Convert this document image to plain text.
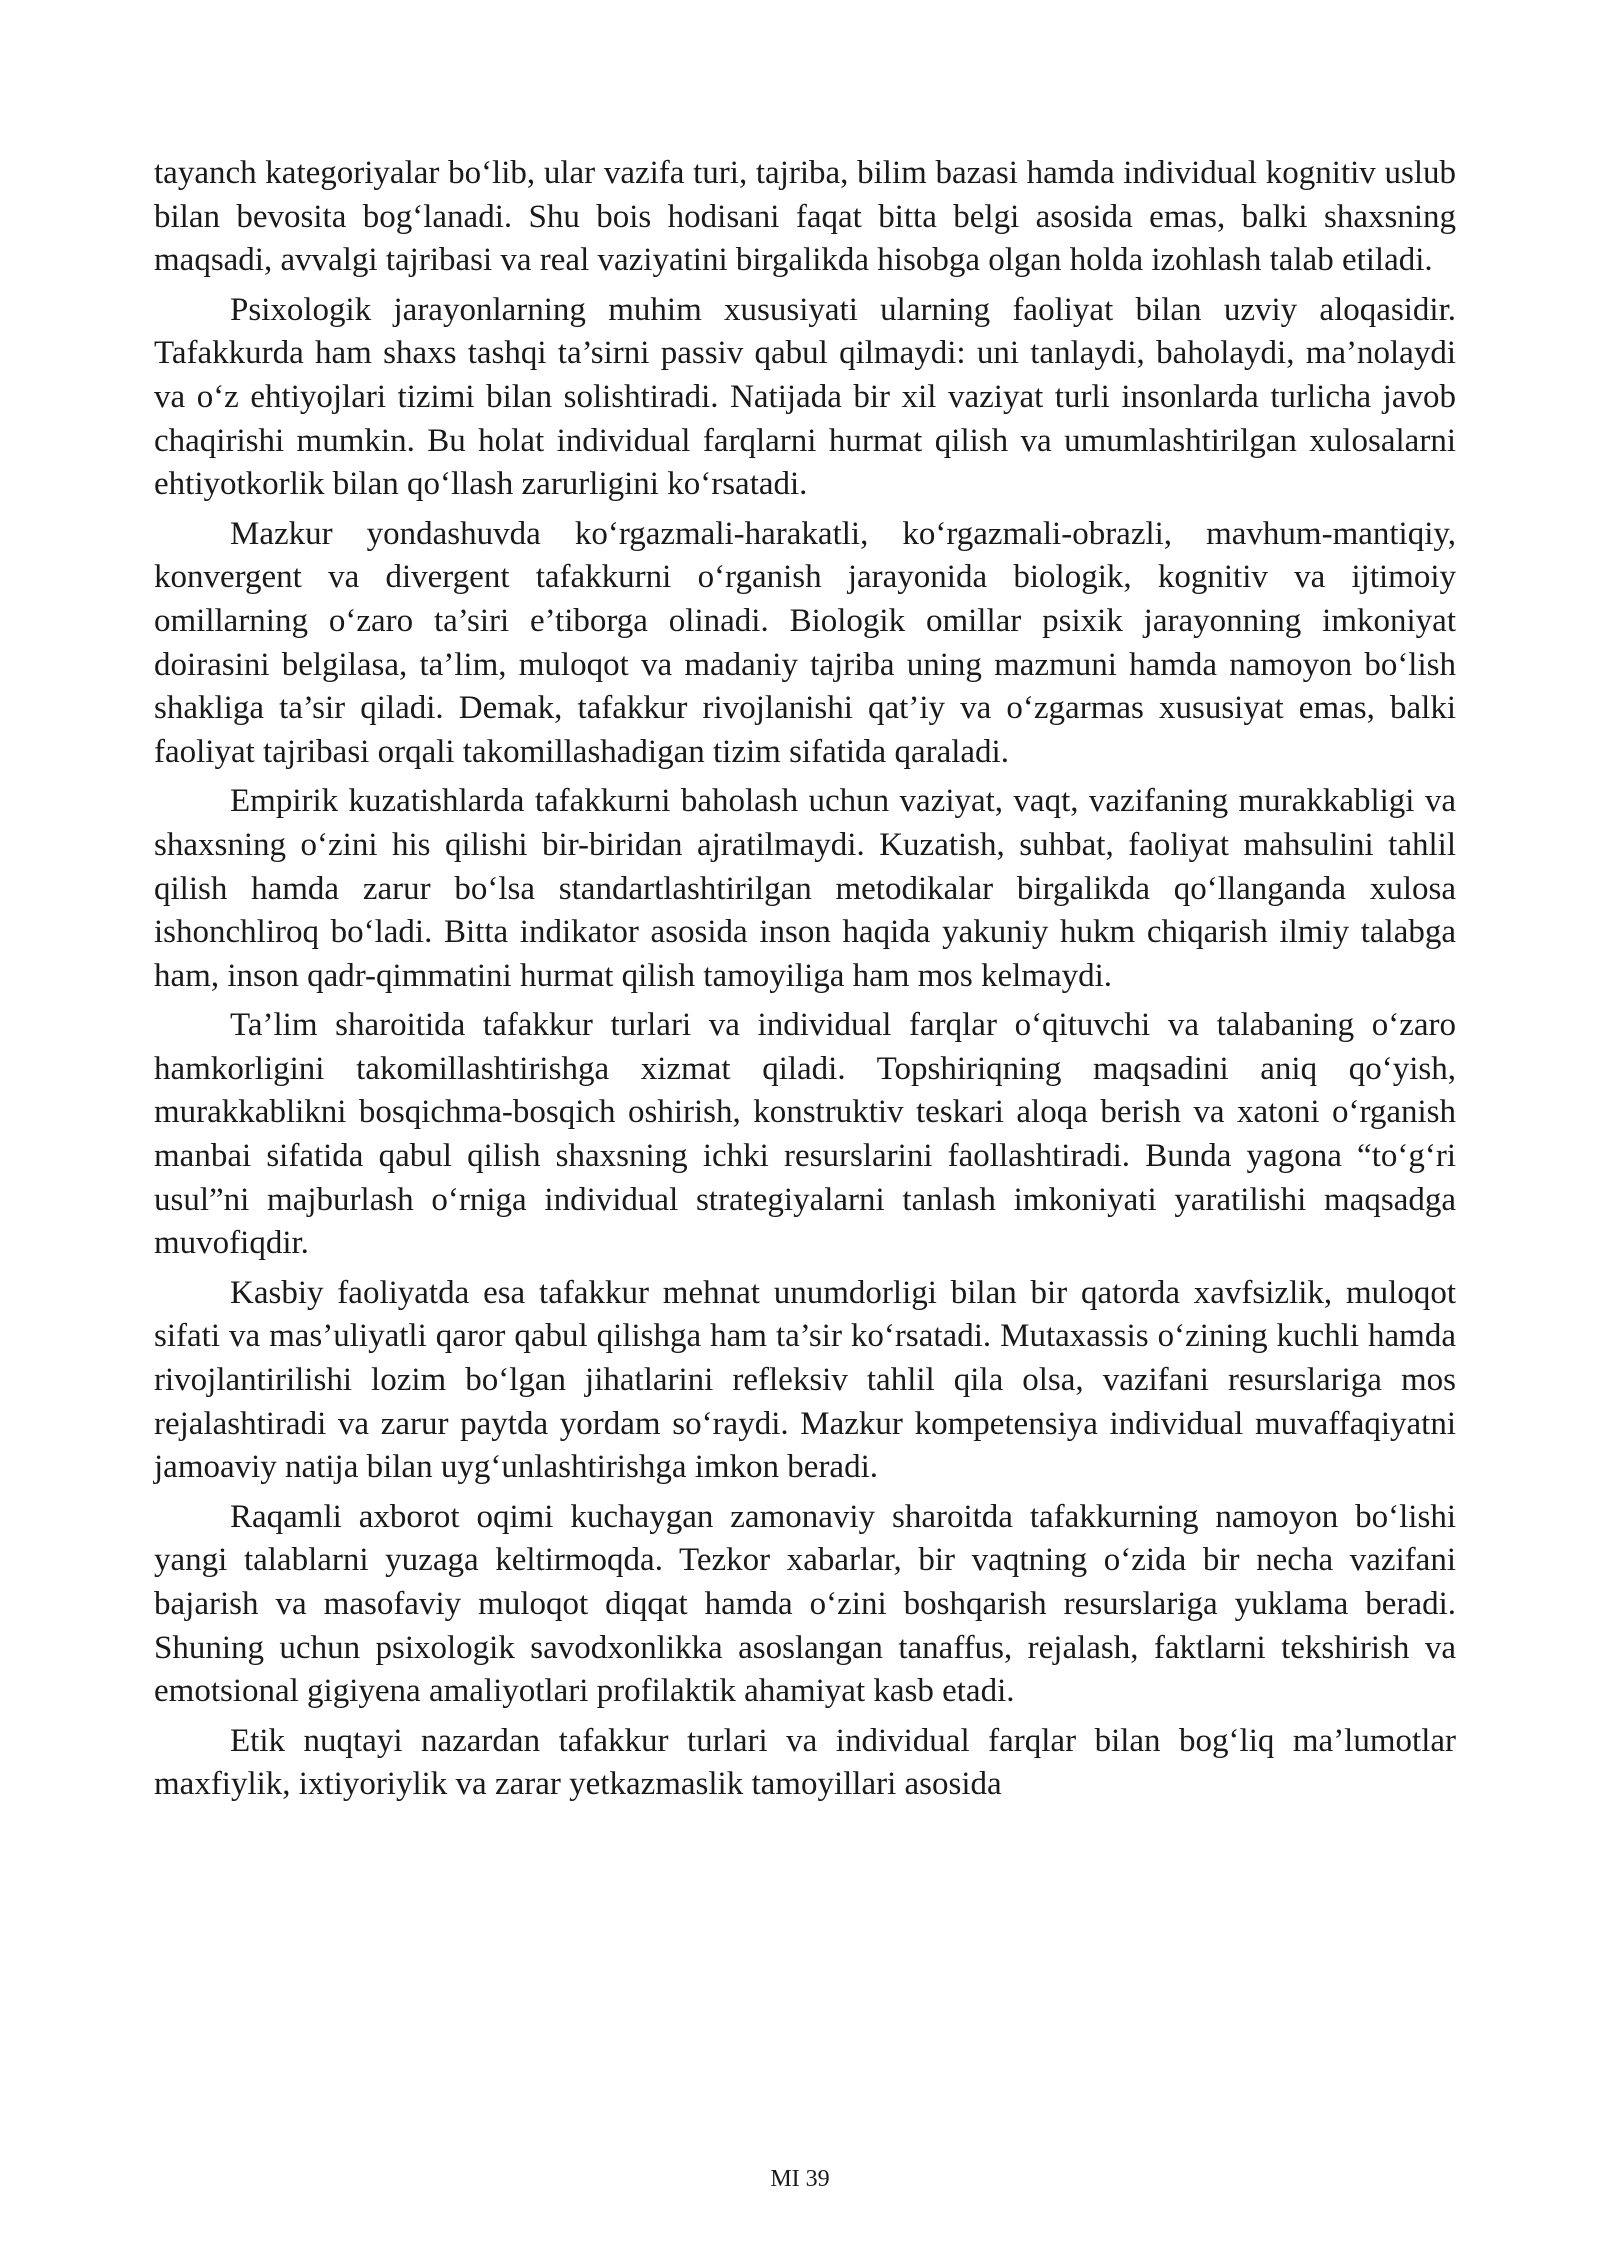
tayanch kategoriyalar bo‘lib, ular vazifa turi, tajriba, bilim bazasi hamda individual kognitiv uslub bilan bevosita bog‘lanadi. Shu bois hodisani faqat bitta belgi asosida emas, balki shaxsning maqsadi, avvalgi tajribasi va real vaziyatini birgalikda hisobga olgan holda izohlash talab etiladi.

Psixologik jarayonlarning muhim xususiyati ularning faoliyat bilan uzviy aloqasidir. Tafakkurda ham shaxs tashqi ta’sirni passiv qabul qilmaydi: uni tanlaydi, baholaydi, ma’nolaydi va o‘z ehtiyojlari tizimi bilan solishtiradi. Natijada bir xil vaziyat turli insonlarda turlicha javob chaqirishi mumkin. Bu holat individual farqlarni hurmat qilish va umumlashtirilgan xulosalarni ehtiyotkorlik bilan qo‘llash zarurligini ko‘rsatadi.

Mazkur yondashuvda ko‘rgazmali-harakatli, ko‘rgazmali-obrazli, mavhum-mantiqiy, konvergent va divergent tafakkurni o‘rganish jarayonida biologik, kognitiv va ijtimoiy omillarning o‘zaro ta’siri e’tiborga olinadi. Biologik omillar psixik jarayonning imkoniyat doirasini belgilasa, ta’lim, muloqot va madaniy tajriba uning mazmuni hamda namoyon bo‘lish shakliga ta’sir qiladi. Demak, tafakkur rivojlanishi qat’iy va o‘zgarmas xususiyat emas, balki faoliyat tajribasi orqali takomillashadigan tizim sifatida qaraladi.

Empirik kuzatishlarda tafakkurni baholash uchun vaziyat, vaqt, vazifaning murakkabligi va shaxsning o‘zini his qilishi bir-biridan ajratilmaydi. Kuzatish, suhbat, faoliyat mahsulini tahlil qilish hamda zarur bo‘lsa standartlashtirilgan metodikalar birgalikda qo‘llanganda xulosa ishonchliroq bo‘ladi. Bitta indikator asosida inson haqida yakuniy hukm chiqarish ilmiy talabga ham, inson qadr-qimmatini hurmat qilish tamoyiliga ham mos kelmaydi.

Ta’lim sharoitida tafakkur turlari va individual farqlar o‘qituvchi va talabaning o‘zaro hamkorligini takomillashtirishga xizmat qiladi. Topshiriqning maqsadini aniq qo‘yish, murakkablikni bosqichma-bosqich oshirish, konstruktiv teskari aloqa berish va xatoni o‘rganish manbai sifatida qabul qilish shaxsning ichki resurslarini faollashtiradi. Bunda yagona “to‘g‘ri usul”ni majburlash o‘rniga individual strategiyalarni tanlash imkoniyati yaratilishi maqsadga muvofiqdir.

Kasbiy faoliyatda esa tafakkur mehnat unumdorligi bilan bir qatorda xavfsizlik, muloqot sifati va mas’uliyatli qaror qabul qilishga ham ta’sir ko‘rsatadi. Mutaxassis o‘zining kuchli hamda rivojlantirilishi lozim bo‘lgan jihatlarini refleksiv tahlil qila olsa, vazifani resurslariga mos rejalashtiradi va zarur paytda yordam so‘raydi. Mazkur kompetensiya individual muvaffaqiyatni jamoaviy natija bilan uyg‘unlashtirishga imkon beradi.

Raqamli axborot oqimi kuchaygan zamonaviy sharoitda tafakkurning namoyon bo‘lishi yangi talablarni yuzaga keltirmoqda. Tezkor xabarlar, bir vaqtning o‘zida bir necha vazifani bajarish va masofaviy muloqot diqqat hamda o‘zini boshqarish resurslariga yuklama beradi. Shuning uchun psixologik savodxonlikka asoslangan tanaffus, rejalash, faktlarni tekshirish va emotsional gigiyena amaliyotlari profilaktik ahamiyat kasb etadi.

Etik nuqtayi nazardan tafakkur turlari va individual farqlar bilan bog‘liq ma’lumotlar maxfiylik, ixtiyoriylik va zarar yetkazmaslik tamoyillari asosida

MI 39
